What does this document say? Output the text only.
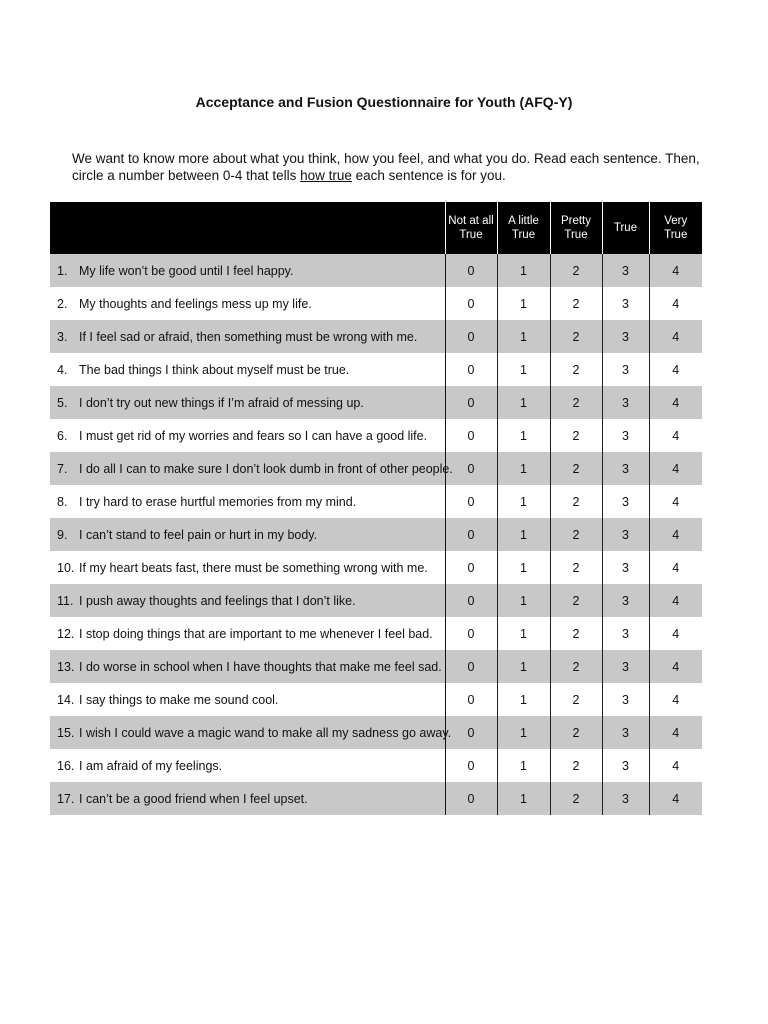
Acceptance and Fusion Questionnaire for Youth (AFQ-Y)
We want to know more about what you think, how you feel, and what you do. Read each sentence. Then, circle a number between 0-4 that tells how true each sentence is for you.
	Not at all True	A little True	Pretty True	True	Very True
1. My life won’t be good until I feel happy.	0	1	2	3	4
2. My thoughts and feelings mess up my life.	0	1	2	3	4
3. If I feel sad or afraid, then something must be wrong with me.	0	1	2	3	4
4. The bad things I think about myself must be true.	0	1	2	3	4
5. I don’t try out new things if I’m afraid of messing up.	0	1	2	3	4
6. I must get rid of my worries and fears so I can have a good life.	0	1	2	3	4
7. I do all I can to make sure I don’t look dumb in front of other people.	0	1	2	3	4
8. I try hard to erase hurtful memories from my mind.	0	1	2	3	4
9. I can’t stand to feel pain or hurt in my body.	0	1	2	3	4
10. If my heart beats fast, there must be something wrong with me.	0	1	2	3	4
11. I push away thoughts and feelings that I don’t like.	0	1	2	3	4
12. I stop doing things that are important to me whenever I feel bad.	0	1	2	3	4
13. I do worse in school when I have thoughts that make me feel sad.	0	1	2	3	4
14. I say things to make me sound cool.	0	1	2	3	4
15. I wish I could wave a magic wand to make all my sadness go away.	0	1	2	3	4
16. I am afraid of my feelings.	0	1	2	3	4
17. I can’t be a good friend when I feel upset.	0	1	2	3	4
